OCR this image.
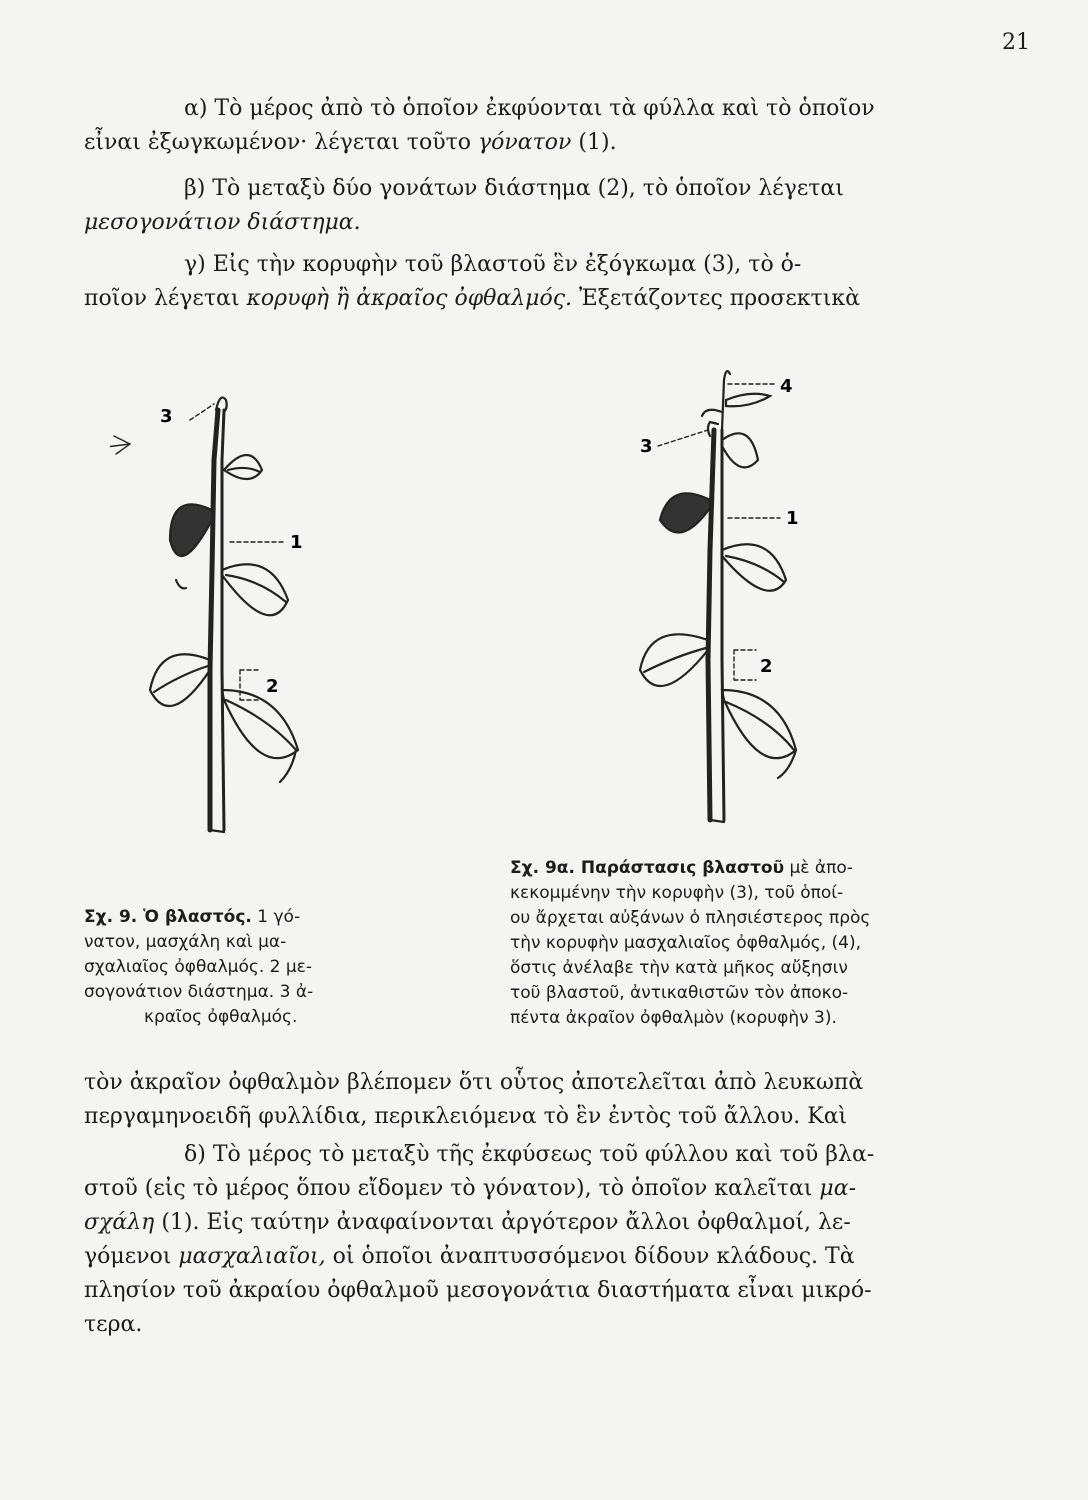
21

α) Τὸ μέρος ἀπὸ τὸ ὁποῖον ἐκφύονται τὰ φύλλα καὶ τὸ ὁποῖον
εἶναι ἐξωγκωμένον· λέγεται τοῦτο γόνατον (1).

β) Τὸ μεταξὺ δύο γονάτων διάστημα (2), τὸ ὁποῖον λέγεται
μεσογονάτιον διάστημα.

γ) Εἰς τὴν κορυφὴν τοῦ βλαστοῦ ἓν ἐξόγκωμα (3), τὸ ὁ-
ποῖον λέγεται κορυφὴ ἢ ἀκραῖος ὀφθαλμός. Ἐξετάζοντες προσεκτικὰ

3
1
2
4
3
1
2

Σχ. 9. Ὁ βλαστός. 1 γό-
νατον, μασχάλη καὶ μα-
σχαλιαῖος ὀφθαλμός. 2 με-
σογονάτιον διάστημα. 3 ἀ-
κραῖος ὀφθαλμός.

Σχ. 9α. Παράστασις βλαστοῦ μὲ ἀπο-
κεκομμένην τὴν κορυφὴν (3), τοῦ ὁποί-
ου ἄρχεται αὐξάνων ὁ πλησιέστερος πρὸς
τὴν κορυφὴν μασχαλιαῖος ὀφθαλμός, (4),
ὅστις ἀνέλαβε τὴν κατὰ μῆκος αὔξησιν
τοῦ βλαστοῦ, ἀντικαθιστῶν τὸν ἀποκο-
πέντα ἀκραῖον ὀφθαλμὸν (κορυφὴν 3).

τὸν ἀκραῖον ὀφθαλμὸν βλέπομεν ὅτι οὗτος ἀποτελεῖται ἀπὸ λευκωπὰ
περγαμηνοειδῆ φυλλίδια, περικλειόμενα τὸ ἓν ἐντὸς τοῦ ἄλλου. Καὶ

δ) Τὸ μέρος τὸ μεταξὺ τῆς ἐκφύσεως τοῦ φύλλου καὶ τοῦ βλα-
στοῦ (εἰς τὸ μέρος ὅπου εἴδομεν τὸ γόνατον), τὸ ὁποῖον καλεῖται μα-
σχάλη (1). Εἰς ταύτην ἀναφαίνονται ἀργότερον ἄλλοι ὀφθαλμοί, λε-
γόμενοι μασχαλιαῖοι, οἱ ὁποῖοι ἀναπτυσσόμενοι δίδουν κλάδους. Τὰ
πλησίον τοῦ ἀκραίου ὀφθαλμοῦ μεσογονάτια διαστήματα εἶναι μικρό-
τερα.
